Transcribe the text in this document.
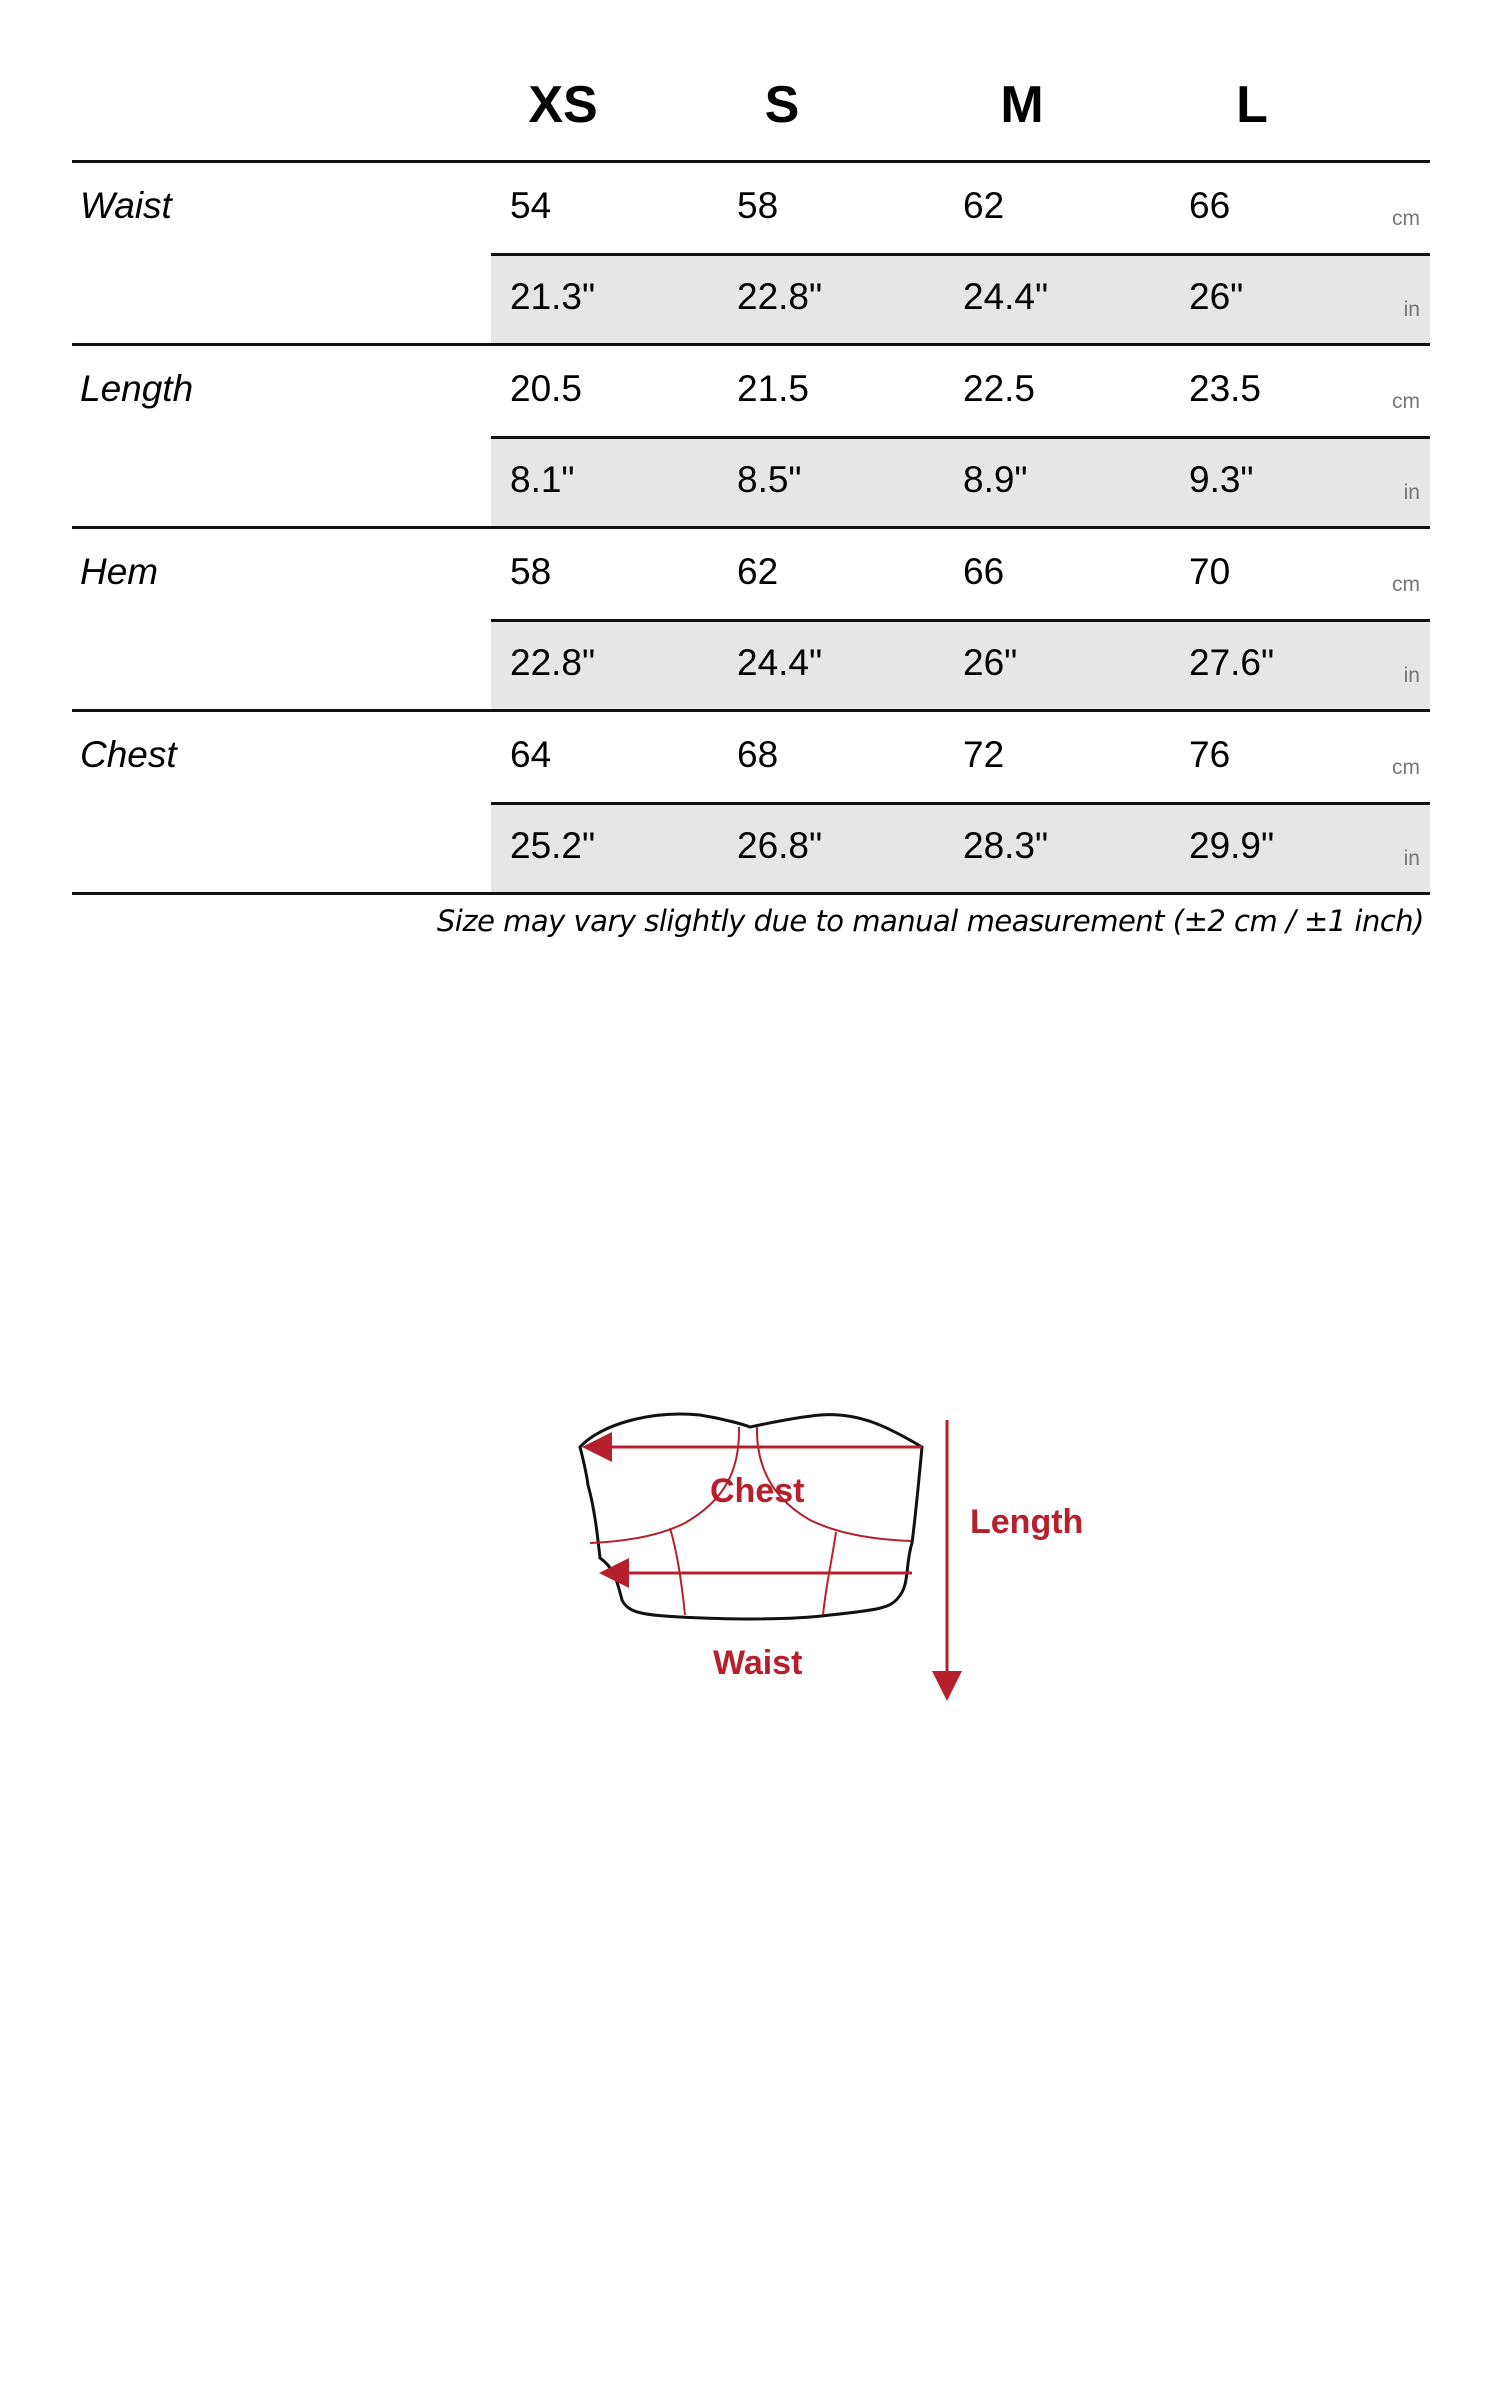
XS	S	M	L
Waist	54	58	62	66	cm
21.3"	22.8"	24.4"	26"	in
Length	20.5	21.5	22.5	23.5	cm
8.1"	8.5"	8.9"	9.3"	in
Hem	58	62	66	70	cm
22.8"	24.4"	26"	27.6"	in
Chest	64	68	72	76	cm
25.2"	26.8"	28.3"	29.9"	in
Size may vary slightly due to manual measurement (±2 cm / ±1 inch)
Chest
Waist
Length
